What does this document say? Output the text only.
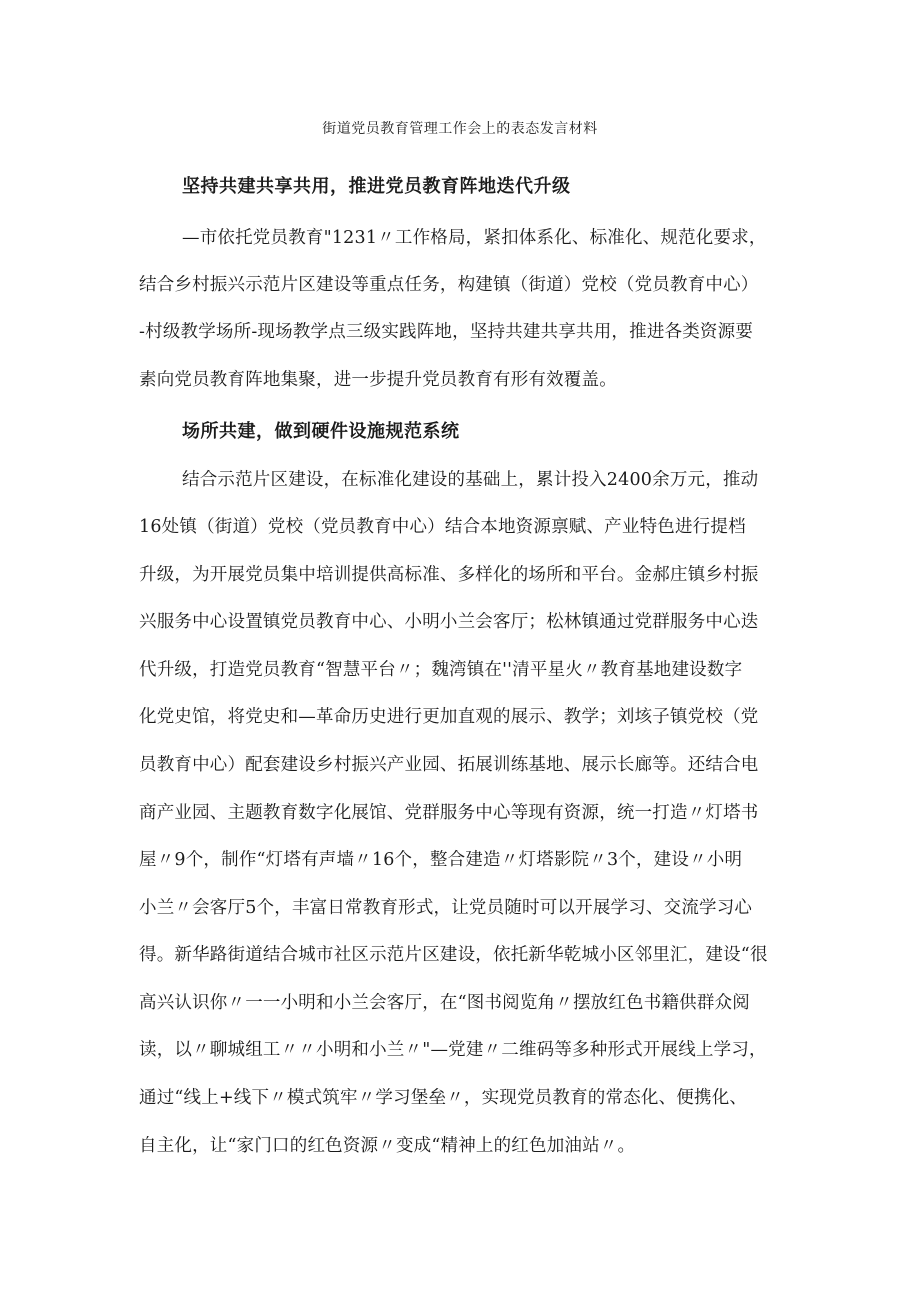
街道党员教育管理工作会上的表态发言材料

坚持共建共享共用，推进党员教育阵地迭代升级

—市依托党员教育"1231〃工作格局，紧扣体系化、标准化、规范化要求，

结合乡村振兴示范片区建设等重点任务，构建镇（街道）党校（党员教育中心）

-村级教学场所-现场教学点三级实践阵地，坚持共建共享共用，推进各类资源要

素向党员教育阵地集聚，进一步提升党员教育有形有效覆盖。

场所共建，做到硬件设施规范系统

结合示范片区建设，在标准化建设的基础上，累计投入2400余万元，推动

16处镇（街道）党校（党员教育中心）结合本地资源禀赋、产业特色进行提档

升级，为开展党员集中培训提供高标准、多样化的场所和平台。金郝庄镇乡村振

兴服务中心设置镇党员教育中心、小明小兰会客厅；松林镇通过党群服务中心迭

代升级，打造党员教育“智慧平台〃；魏湾镇在''清平星火〃教育基地建设数字

化党史馆，将党史和—革命历史进行更加直观的展示、教学；刘垓子镇党校（党

员教育中心）配套建设乡村振兴产业园、拓展训练基地、展示长廊等。还结合电

商产业园、主题教育数字化展馆、党群服务中心等现有资源，统一打造〃灯塔书

屋〃9个，制作“灯塔有声墙〃16个，整合建造〃灯塔影院〃3个，建设〃小明

小兰〃会客厅5个，丰富日常教育形式，让党员随时可以开展学习、交流学习心

得。新华路街道结合城市社区示范片区建设，依托新华乾城小区邻里汇，建设“很

高兴认识你〃一一小明和小兰会客厅，在“图书阅览角〃摆放红色书籍供群众阅

读，以〃聊城组工〃〃小明和小兰〃"—党建〃二维码等多种形式开展线上学习，

通过“线上+线下〃模式筑牢〃学习堡垒〃，实现党员教育的常态化、便携化、

自主化，让“家门口的红色资源〃变成“精神上的红色加油站〃。
